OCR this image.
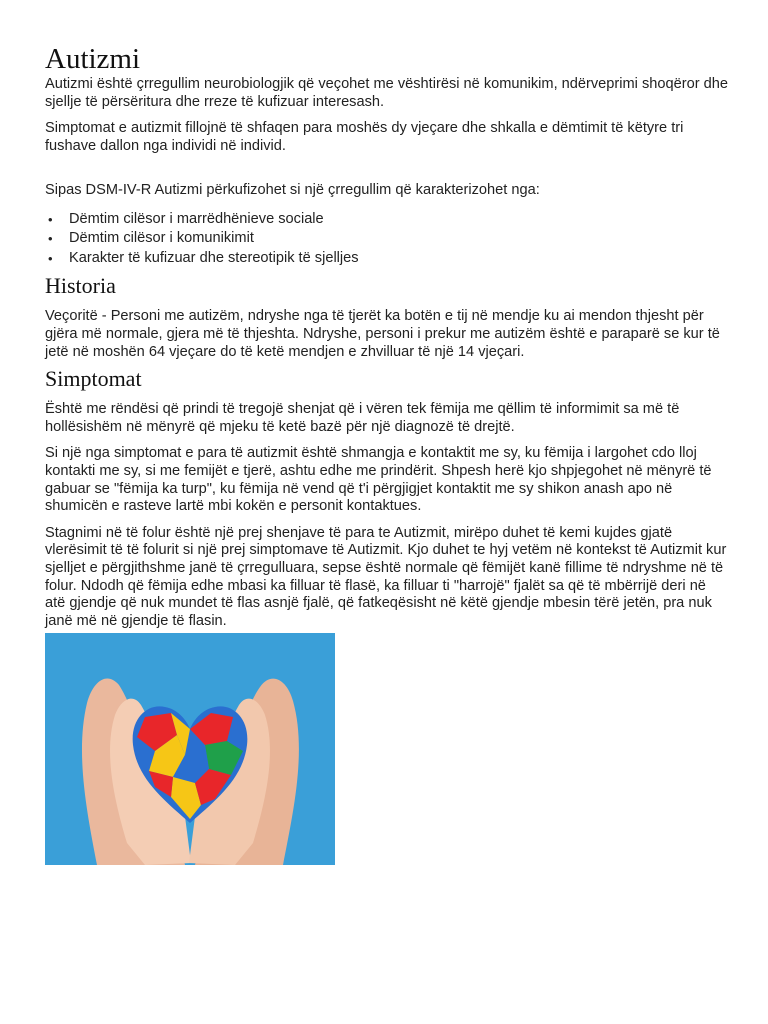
Autizmi

Autizmi është çrregullim neurobiologjik që veçohet me vështirësi në komunikim, ndërveprimi shoqëror dhe sjellje të përsëritura dhe rreze të kufizuar interesash.

Simptomat e autizmit fillojnë të shfaqen para moshës dy vjeçare dhe shkalla e dëmtimit të këtyre tri fushave dallon nga individi në individ.

Sipas DSM-IV-R Autizmi përkufizohet si një çrregullim që karakterizohet nga:

• Dëmtim cilësor i marrëdhënieve sociale
• Dëmtim cilësor i komunikimit
• Karakter të kufizuar dhe stereotipik të sjelljes
Historia

Veçoritë - Personi me autizëm, ndryshe nga të tjerët ka botën e tij në mendje ku ai mendon thjesht për gjëra më normale, gjera më të thjeshta. Ndryshe, personi i prekur me autizëm është e paraparë se kur të jetë në moshën 64 vjeçare do të ketë mendjen e zhvilluar të një 14 vjeçari.

Simptomat

Është me rëndësi që prindi të tregojë shenjat që i vëren tek fëmija me qëllim të informimit sa më të hollësishëm në mënyrë që mjeku të ketë bazë për një diagnozë të drejtë.

Si një nga simptomat e para të autizmit është shmangja e kontaktit me sy, ku fëmija i largohet cdo lloj kontakti me sy, si me femijët e tjerë, ashtu edhe me prindërit. Shpesh herë kjo shpjegohet në mënyrë të gabuar se "fëmija ka turp", ku fëmija në vend që t'i përgjigjet kontaktit me sy shikon anash apo në shumicën e rasteve lartë mbi kokën e personit kontaktues.

Stagnimi në të folur është një prej shenjave të para te Autizmit, mirëpo duhet të kemi kujdes gjatë vlerësimit të të folurit si një prej simptomave të Autizmit. Kjo duhet te hyj vetëm në kontekst të Autizmit kur sjelljet e përgjithshme janë të çrregulluara, sepse është normale që fëmijët kanë fillime të ndryshme në të folur. Ndodh që fëmija edhe mbasi ka filluar të flasë, ka filluar ti "harrojë" fjalët sa që të mbërrijë deri në atë gjendje që nuk mundet të flas asnjë fjalë, që fatkeqësisht në këtë gjendje mbesin tërë jetën, pra nuk janë më në gjendje të flasin.
